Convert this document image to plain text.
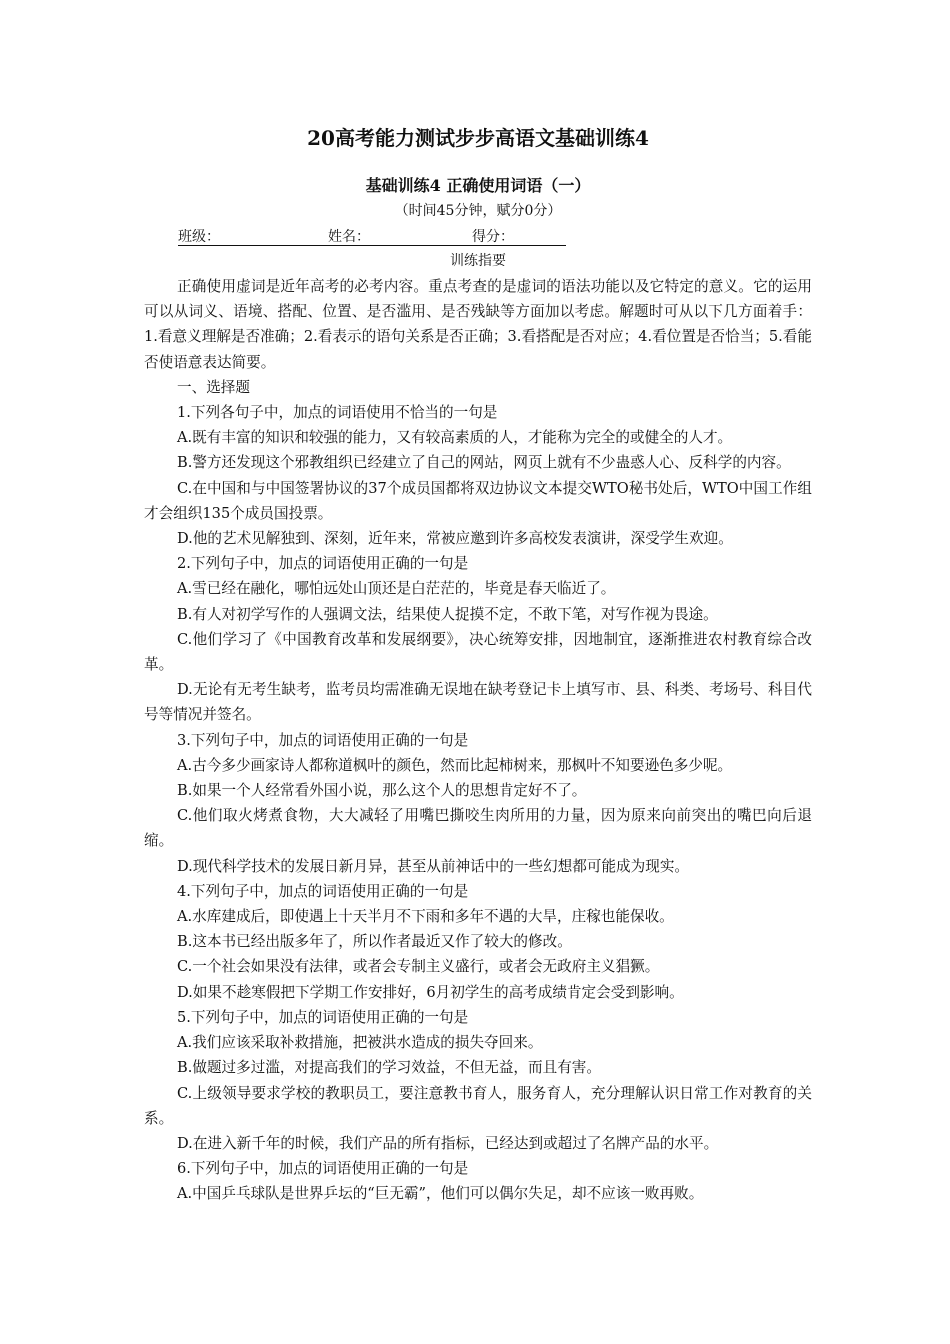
20高考能力测试步步高语文基础训练4
基础训练4 正确使用词语（一）
（时间45分钟，赋分0分）
班级：	姓名：	得分：
训练指要

正确使用虚词是近年高考的必考内容。重点考查的是虚词的语法功能以及它特定的意义。它的运用可以从词义、语境、搭配、位置、是否滥用、是否残缺等方面加以考虑。解题时可从以下几方面着手：1.看意义理解是否准确；2.看表示的语句关系是否正确；3.看搭配是否对应；4.看位置是否恰当；5.看能否使语意表达简要。

一、选择题

1.下列各句子中，加点的词语使用不恰当的一句是

A.既有丰富的知识和较强的能力，又有较高素质的人，才能称为完全的或健全的人才。

B.警方还发现这个邪教组织已经建立了自己的网站，网页上就有不少蛊惑人心、反科学的内容。

C.在中国和与中国签署协议的37个成员国都将双边协议文本提交WTO秘书处后，WTO中国工作组才会组织135个成员国投票。

D.他的艺术见解独到、深刻，近年来，常被应邀到许多高校发表演讲，深受学生欢迎。

2.下列句子中，加点的词语使用正确的一句是

A.雪已经在融化，哪怕远处山顶还是白茫茫的，毕竟是春天临近了。

B.有人对初学写作的人强调文法，结果使人捉摸不定，不敢下笔，对写作视为畏途。

C.他们学习了《中国教育改革和发展纲要》，决心统筹安排，因地制宜，逐渐推进农村教育综合改革。

D.无论有无考生缺考，监考员均需准确无误地在缺考登记卡上填写市、县、科类、考场号、科目代号等情况并签名。

3.下列句子中，加点的词语使用正确的一句是

A.古今多少画家诗人都称道枫叶的颜色，然而比起柿树来，那枫叶不知要逊色多少呢。

B.如果一个人经常看外国小说，那么这个人的思想肯定好不了。

C.他们取火烤煮食物，大大减轻了用嘴巴撕咬生肉所用的力量，因为原来向前突出的嘴巴向后退缩。

D.现代科学技术的发展日新月异，甚至从前神话中的一些幻想都可能成为现实。

4.下列句子中，加点的词语使用正确的一句是

A.水库建成后，即使遇上十天半月不下雨和多年不遇的大旱，庄稼也能保收。

B.这本书已经出版多年了，所以作者最近又作了较大的修改。

C.一个社会如果没有法律，或者会专制主义盛行，或者会无政府主义猖獗。

D.如果不趁寒假把下学期工作安排好，6月初学生的高考成绩肯定会受到影响。

5.下列句子中，加点的词语使用正确的一句是

A.我们应该采取补救措施，把被洪水造成的损失夺回来。

B.做题过多过滥，对提高我们的学习效益，不但无益，而且有害。

C.上级领导要求学校的教职员工，要注意教书育人，服务育人，充分理解认识日常工作对教育的关系。

D.在进入新千年的时候，我们产品的所有指标，已经达到或超过了名牌产品的水平。

6.下列句子中，加点的词语使用正确的一句是

A.中国乒乓球队是世界乒坛的“巨无霸”，他们可以偶尔失足，却不应该一败再败。
